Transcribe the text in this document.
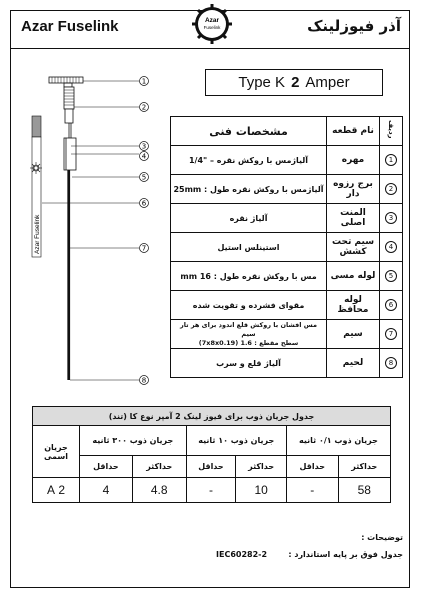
Azar Fuselink	Azar
Fuselink	آذر فیوزلینک
Type K 2 Amper
Azar Fuselink
1
2
3
4
5
6
7
8
ردیف	نام قطعه	مشخصات فنی
1	مهره	آلیاژمس با روکش نقره – "1/4
2	برج رزوه دار	آلیاژمس با روکش نقره طول : 25mm
3	المنت اصلی	آلیاژ نقره
4	سیم تحت کشش	استینلس استیل
5	لوله مسی	مس با روکش نقره طول : 16 mm
6	لوله محافظ	مقوای فشرده و تقویت شده
7	سیم	مس افشان با روکش قلع اندود برای هر تار سیم
سطح مقطع : 1.6 (7x8x0.19)

8	لحیم	آلیاژ قلع و سرب
جدول جریان ذوب برای فیوز لینک 2 آمپر نوع کا (تند)						
جریان ذوب ۰/۱ ثانیه		جریان ذوب ۱۰ ثانیه		جریان ذوب ۳۰۰ ثانیه		جریان اسمی
حداکثر	حداقل	حداکثر	حداقل	حداکثر	حداقل	
58	-	10	-	4.8	4	2 A
توضیحات :
جدول فوق بر پایه استاندارد :
IEC60282-2
